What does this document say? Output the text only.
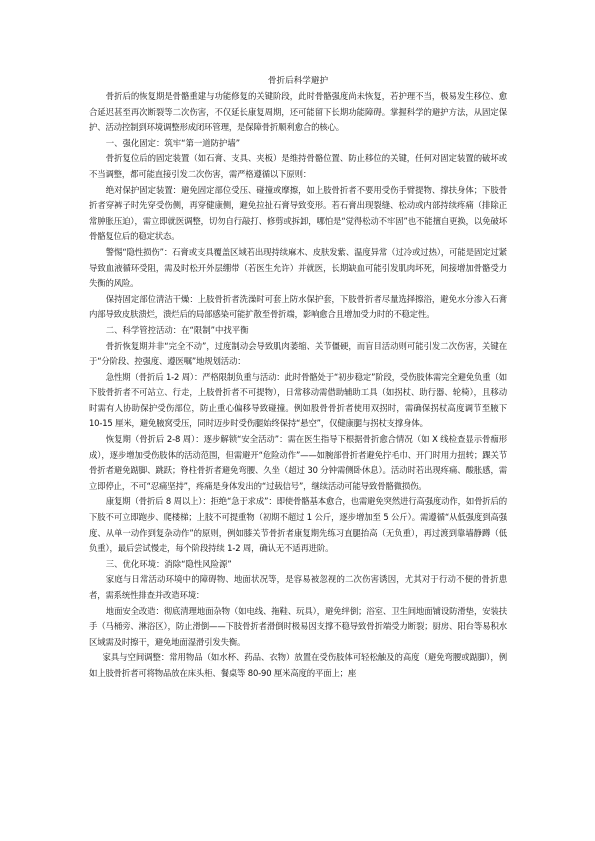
骨折后科学避护

骨折后的恢复期是骨骼重建与功能修复的关键阶段，此时骨骼强度尚未恢复，若护理不当，极易发生移位、愈合延迟甚至再次断裂等二次伤害，不仅延长康复周期，还可能留下长期功能障碍。掌握科学的避护方法，从固定保护、活动控制到环境调整形成闭环管理，是保障骨折顺利愈合的核心。

一、强化固定：筑牢“第一道防护墙”

骨折复位后的固定装置（如石膏、支具、夹板）是维持骨骼位置、防止移位的关键，任何对固定装置的破坏或不当调整，都可能直接引发二次伤害，需严格遵循以下原则：

绝对保护固定装置：避免固定部位受压、碰撞或摩擦，如上肢骨折者不要用受伤手臂提物、撑扶身体；下肢骨折者穿裤子时先穿受伤侧，再穿健康侧，避免拉扯石膏导致变形。若石膏出现裂缝、松动或内部持续疼痛（排除正常肿胀压迫），需立即就医调整，切勿自行敲打、修剪或拆卸，哪怕是“觉得松动不牢固”也不能擅自更换，以免破坏骨骼复位后的稳定状态。

警惕“隐性损伤”：石膏或支具覆盖区域若出现持续麻木、皮肤发紫、温度异常（过冷或过热），可能是固定过紧导致血液循环受阻，需及时松开外层绷带（若医生允许）并就医，长期缺血可能引发肌肉坏死，间接增加骨骼受力失衡的风险。

保持固定部位清洁干燥：上肢骨折者洗澡时可套上防水保护套，下肢骨折者尽量选择擦浴，避免水分渗入石膏内部导致皮肤溃烂，溃烂后的局部感染可能扩散至骨折端，影响愈合且增加受力时的不稳定性。

二、科学管控活动：在“限制”中找平衡

骨折恢复期并非“完全不动”，过度制动会导致肌肉萎缩、关节僵硬，而盲目活动则可能引发二次伤害，关键在于“分阶段、控强度、遵医嘱”地规划活动：

急性期（骨折后 1-2 周）：严格限制负重与活动：此时骨骼处于“初步稳定”阶段，受伤肢体需完全避免负重（如下肢骨折者不可站立、行走，上肢骨折者不可提物），日常移动需借助辅助工具（如拐杖、助行器、轮椅），且移动时需有人协助保护受伤部位，防止重心偏移导致碰撞。例如股骨骨折者使用双拐时，需确保拐杖高度调节至腋下 10-15 厘米，避免腋窝受压，同时迈步时受伤腿始终保持“悬空”，仅健康腿与拐杖支撑身体。

恢复期（骨折后 2-8 周）：逐步解锁“安全活动”：需在医生指导下根据骨折愈合情况（如 X 线检查显示骨痂形成），逐步增加受伤肢体的活动范围，但需避开“危险动作”——如腕部骨折者避免拧毛巾、开门时用力扭转；踝关节骨折者避免踮脚、跳跃；脊柱骨折者避免弯腰、久坐（超过 30 分钟需侧卧休息）。活动时若出现疼痛、酸胀感，需立即停止，不可“忍痛坚持”，疼痛是身体发出的“过载信号”，继续活动可能导致骨骼微损伤。

康复期（骨折后 8 周以上）：拒绝“急于求成”：即使骨骼基本愈合，也需避免突然进行高强度动作，如骨折后的下肢不可立即跑步、爬楼梯；上肢不可提重物（初期不超过 1 公斤，逐步增加至 5 公斤）。需遵循“从低强度到高强度、从单一动作到复杂动作”的原则，例如膝关节骨折者康复期先练习直腿抬高（无负重），再过渡到靠墙静蹲（低负重），最后尝试慢走，每个阶段持续 1-2 周，确认无不适再进阶。

三、优化环境：消除“隐性风险源”

家庭与日常活动环境中的障碍物、地面状况等，是容易被忽视的二次伤害诱因，尤其对于行动不便的骨折患者，需系统性排查并改造环境：

地面安全改造：彻底清理地面杂物（如电线、拖鞋、玩具），避免绊倒；浴室、卫生间地面铺设防滑垫，安装扶手（马桶旁、淋浴区），防止滑倒——下肢骨折者滑倒时极易因支撑不稳导致骨折端受力断裂；厨房、阳台等易积水区域需及时擦干，避免地面湿滑引发失衡。

家具与空间调整：常用物品（如水杯、药品、衣物）放置在受伤肢体可轻松触及的高度（避免弯腰或踮脚），例如上肢骨折者可将物品放在床头柜、餐桌等 80-90 厘米高度的平面上；座
